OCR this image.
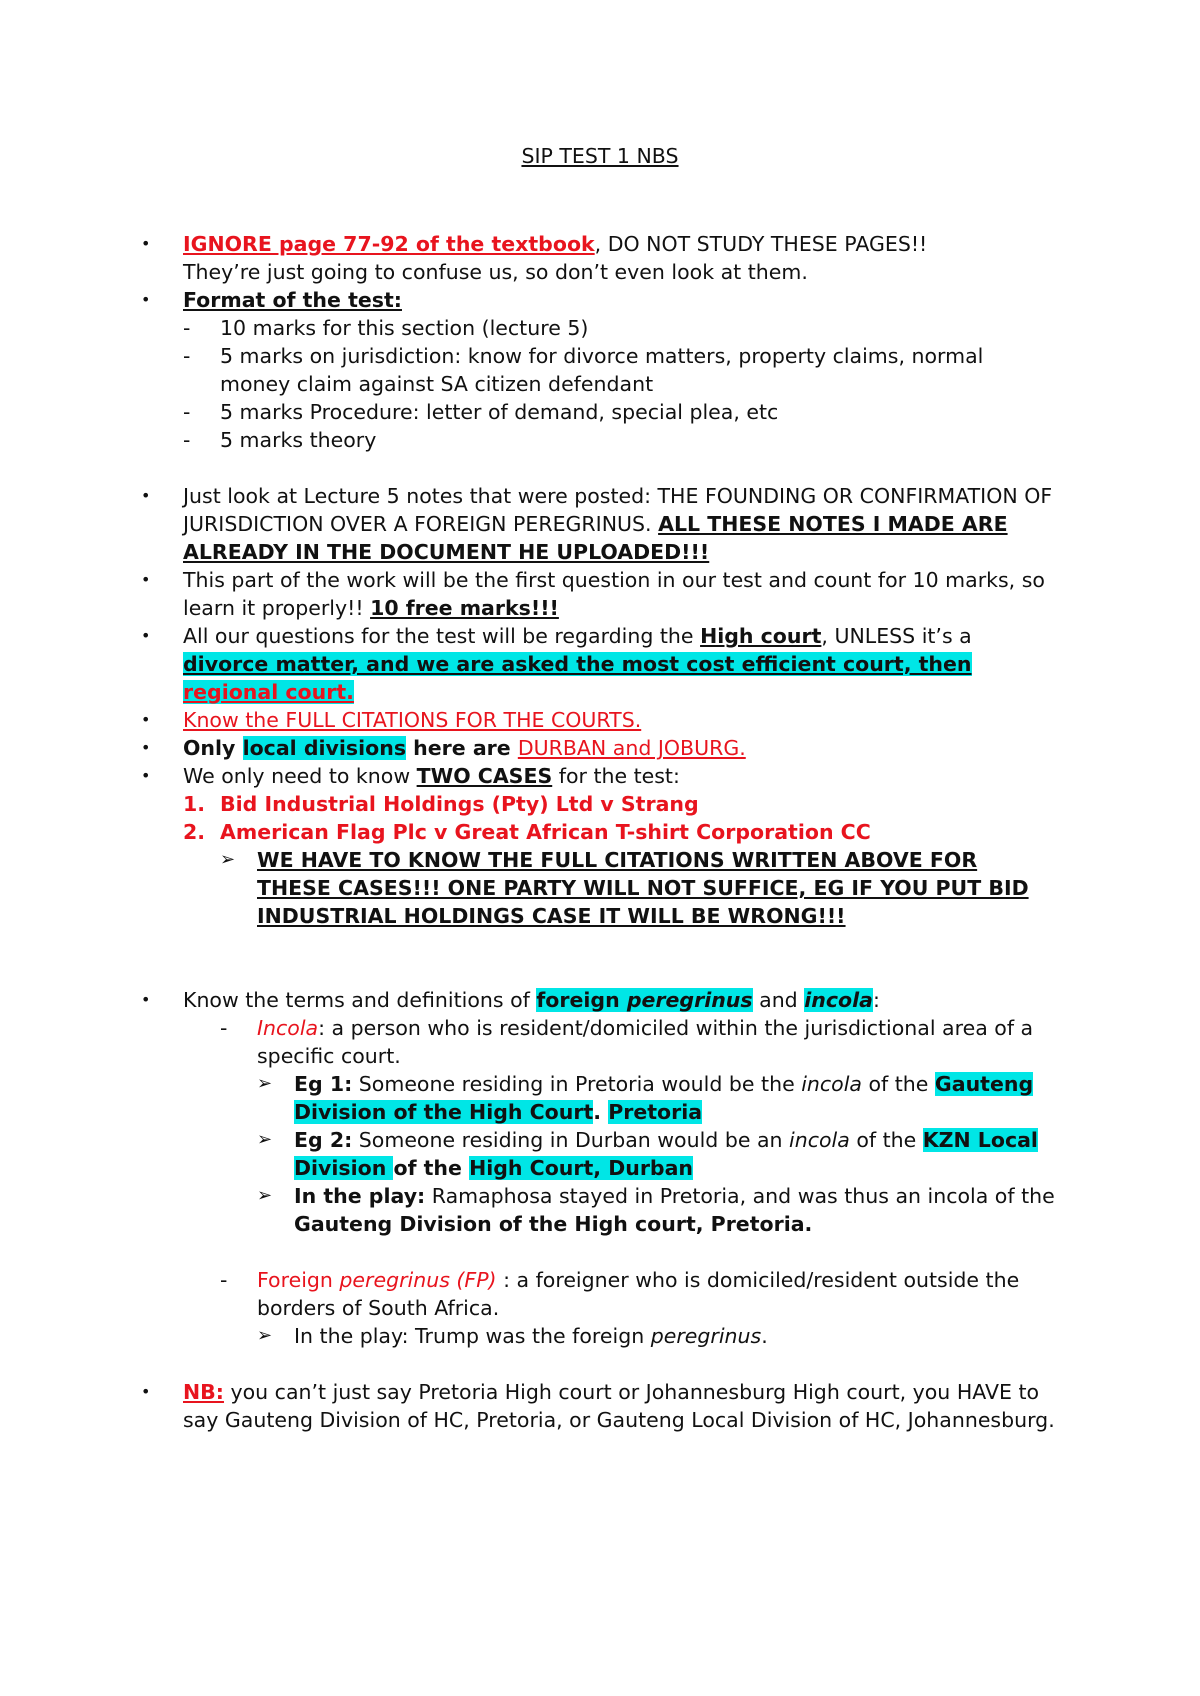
SIP TEST 1 NBS
• IGNORE page 77-92 of the textbook, DO NOT STUDY THESE PAGES!!
They’re just going to confuse us, so don’t even look at them.
• Format of the test:
- 10 marks for this section (lecture 5)
- 5 marks on jurisdiction: know for divorce matters, property claims, normal money claim against SA citizen defendant
- 5 marks Procedure: letter of demand, special plea, etc
- 5 marks theory
• Just look at Lecture 5 notes that were posted: THE FOUNDING OR CONFIRMATION OF JURISDICTION OVER A FOREIGN PEREGRINUS. ALL THESE NOTES I MADE ARE ALREADY IN THE DOCUMENT HE UPLOADED!!!
• This part of the work will be the first question in our test and count for 10 marks, so learn it properly!! 10 free marks!!!
• All our questions for the test will be regarding the High court, UNLESS it’s a divorce matter, and we are asked the most cost efficient court, then regional court.
• Know the FULL CITATIONS FOR THE COURTS.
• Only local divisions here are DURBAN and JOBURG.
• We only need to know TWO CASES for the test:
1. Bid Industrial Holdings (Pty) Ltd v Strang
2. American Flag Plc v Great African T-shirt Corporation CC
➢ WE HAVE TO KNOW THE FULL CITATIONS WRITTEN ABOVE FOR THESE CASES!!! ONE PARTY WILL NOT SUFFICE, EG IF YOU PUT BID INDUSTRIAL HOLDINGS CASE IT WILL BE WRONG!!!
• Know the terms and definitions of foreign peregrinus and incola:
- Incola: a person who is resident/domiciled within the jurisdictional area of a specific court.
➢ Eg 1: Someone residing in Pretoria would be the incola of the Gauteng Division of the High Court. Pretoria
➢ Eg 2: Someone residing in Durban would be an incola of the KZN Local Division of the High Court, Durban
➢ In the play: Ramaphosa stayed in Pretoria, and was thus an incola of the Gauteng Division of the High court, Pretoria.
- Foreign peregrinus (FP) : a foreigner who is domiciled/resident outside the borders of South Africa.
➢ In the play: Trump was the foreign peregrinus.
• NB: you can’t just say Pretoria High court or Johannesburg High court, you HAVE to say Gauteng Division of HC, Pretoria, or Gauteng Local Division of HC, Johannesburg.
